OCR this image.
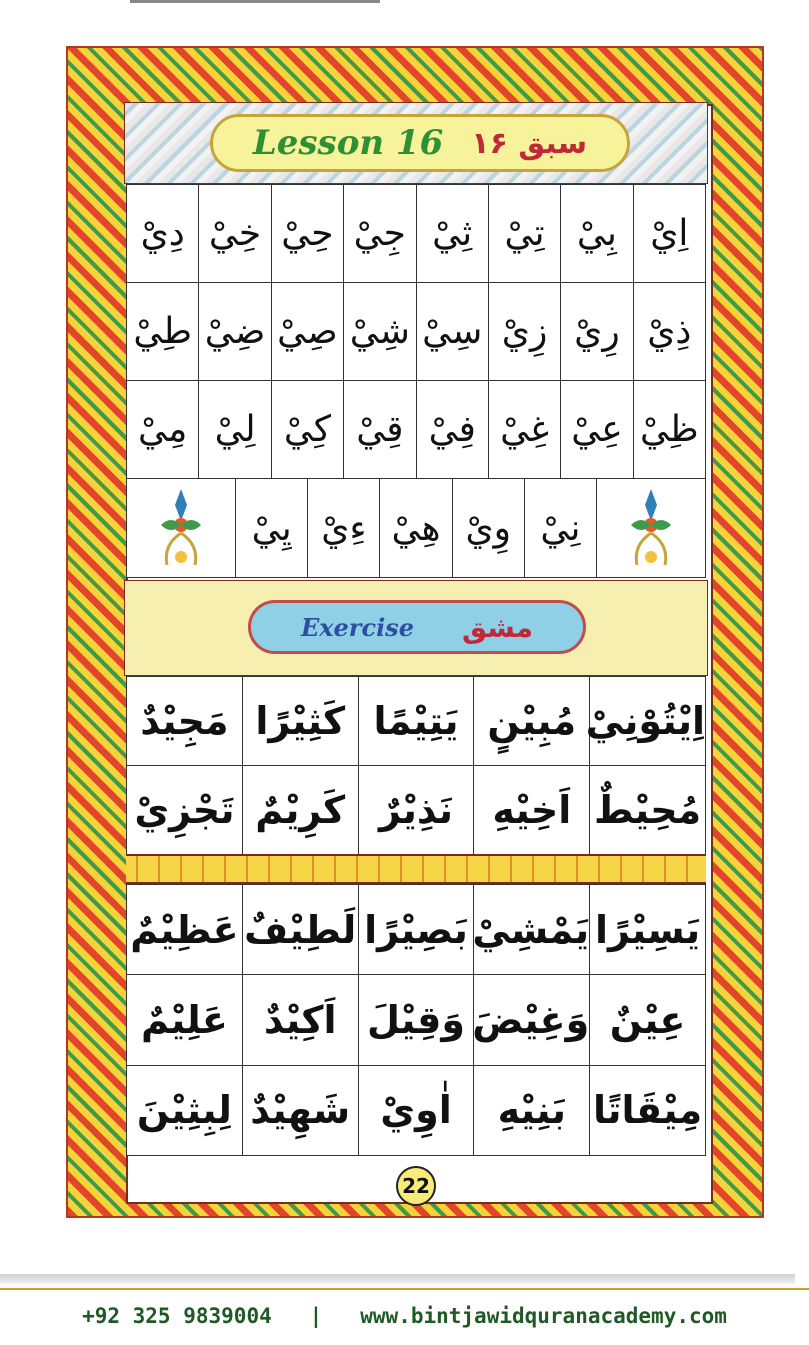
Lesson 16 سبق ۱۶
اِيْ	بِيْ	تِيْ	ثِيْ	جِيْ	حِيْ	خِيْ	دِيْ
ذِيْ	رِيْ	زِيْ	سِيْ	شِيْ	صِيْ	ضِيْ	طِيْ
ظِيْ	عِيْ	غِيْ	فِيْ	قِيْ	كِيْ	لِيْ	مِيْ
	نِيْ	وِيْ	هِيْ	ءِيْ	يِيْ	
Exercise مشق
اِيْتُوْنِيْ	مُبِيْنٍ	يَتِيْمًا	كَثِيْرًا	مَجِيْدٌ
مُحِيْطٌ	اَخِيْهِ	نَذِيْرٌ	كَرِيْمٌ	تَجْزِيْ
يَسِيْرًا	يَمْشِيْ	بَصِيْرًا	لَطِيْفٌ	عَظِيْمٌ
عِيْنٌ	وَغِيْضَ	وَقِيْلَ	اَكِيْدٌ	عَلِيْمٌ
مِيْقَاتًا	بَنِيْهِ	اٰوِيْ	شَهِيْدٌ	لِبِثِيْنَ
22
+92 325 9839004
|
www.bintjawidquranacademy.com
